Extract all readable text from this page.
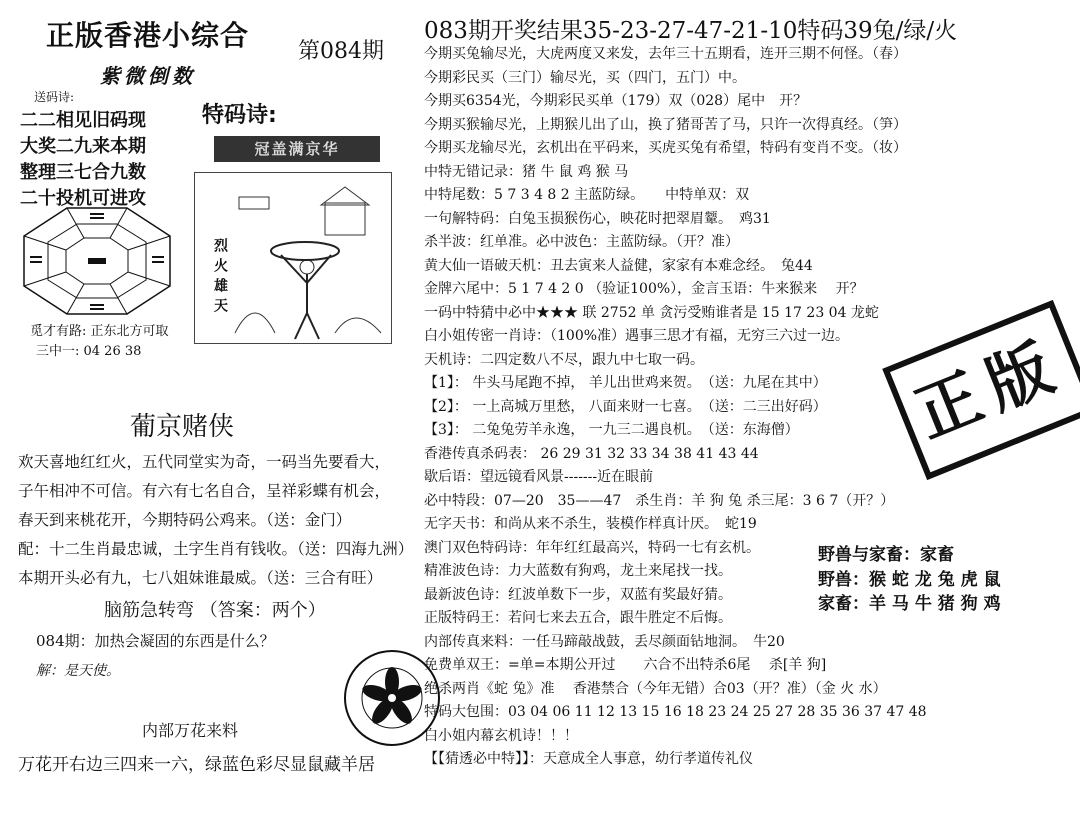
正版香港小综合 第084期
紫微倒数
送码诗:
二二相见旧码现
大奖二九来本期
整理三七合九数
二十投机可进攻
觅才有路: 正东北方可取
三中一: 04 26 38
特码诗:
冠盖满京华
烈火雄天
葡京赌侠
欢天喜地红红火，五代同堂实为奇，一码当先要看大，
子午相冲不可信。有六有七名自合，呈祥彩蝶有机会，
春天到来桃花开，今期特码公鸡来。（送：金门）
配：十二生肖最忠诚，土字生肖有钱收。（送：四海九洲）
本期开头必有九，七八姐妹谁最威。（送：三合有旺）
脑筋急转弯 （答案：两个）
084期：加热会凝固的东西是什么？
解：是天使。
内部万花来料
万花开右边三四来一六，绿蓝色彩尽显鼠藏羊居
083期开奖结果35-23-27-47-21-10特码39兔/绿/火
今期买兔输尽光，大虎两度又来发，去年三十五期看，连开三期不何怪。（春）
今期彩民买（三门）输尽光，买（四门，五门）中。
今期买6354光，今期彩民买单（179）双（028）尾中　开？
今期买猴输尽光，上期猴儿出了山，换了猪哥苦了马，只许一次得真经。（笋）
今期买龙输尽光，玄机出在平码来，买虎买兔有希望，特码有变肖不变。（妆）
中特无错记录：猪 牛 鼠 鸡 猴 马
中特尾数：5 7 3 4 8 2 主蓝防绿。　　中特单双：双
一句解特码：白兔玉损猴伤心，映花时把翠眉颦。　鸡31
杀半波：红单准。必中波色：主蓝防绿。（开？准）
黄大仙一语破天机：丑去寅来人益健，家家有本难念经。　兔44
金牌六尾中：5 1 7 4 2 0 （验证100%），金言玉语：牛来猴来　 开？
一码中特猜中必中★★★ 联 2752 单 贪污受贿谁者是 15 17 23 04 龙蛇
白小姐传密一肖诗：（100%准）遇事三思才有福，无穷三六过一边。
天机诗：二四定数八不尽，跟九中七取一码。
【1】： 牛头马尾跑不掉， 羊儿出世鸡来贺。　（送：九尾在其中）
【2】： 一上高城万里愁， 八面来财一七喜。　（送：二三出好码）
【3】： 二兔兔劳羊永逸， 一九三二遇良机。　（送：东海僧）
香港传真杀码表： 26 29 31 32 33 34 38 41 43 44
歇后语：望远镜看风景-------近在眼前
必中特段：07—20　35——47　杀生肖：羊 狗 兔 杀三尾：3 6 7（开？）
无字天书：和尚从来不杀生，装模作样真计厌。　蛇19
澳门双色特码诗：年年红红最高兴，特码一七有玄机。
精准波色诗：力大蓝数有狗鸡，龙土来尾找一找。
最新波色诗：红波单数下一步，双蓝有奖最好猜。
正版特码王：若问七来去五合，跟牛胜定不后悔。
内部传真来料：一任马蹄敲战鼓，丢尽颜面钻地洞。　牛20
免费单双王：=单=本期公开过　　六合不出特杀6尾　 杀[羊 狗]
绝杀两肖《蛇 兔》准　 香港禁合（今年无错）合03（开？准）（金 火 水）
特码大包围：03 04 06 11 12 13 15 16 18 23 24 25 27 28 35 36 37 47 48
白小姐内幕玄机诗！！！
【【猜透必中特】】：天意成全人事意，幼行孝道传礼仪
正版
野兽与家畜：家畜
野兽：猴 蛇 龙 兔 虎 鼠
家畜：羊 马 牛 猪 狗 鸡
